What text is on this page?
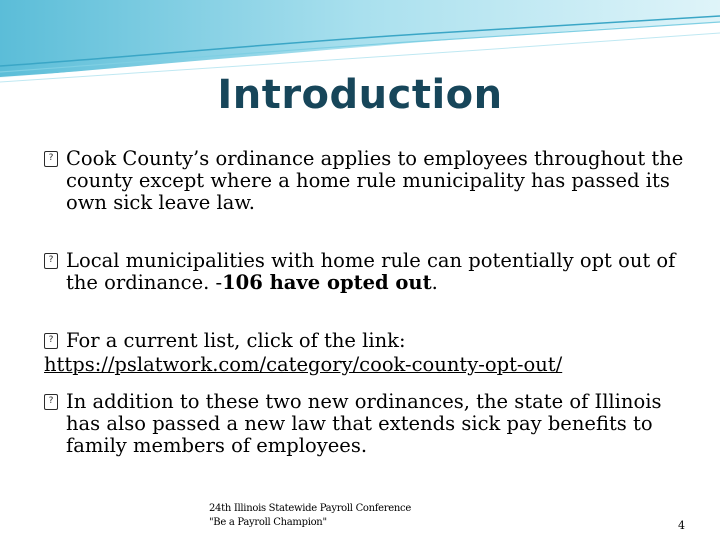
Introduction
? Cook County’s ordinance applies to employees throughout the county except where a home rule municipality has passed its own sick leave law.
? Local municipalities with home rule can potentially opt out of the ordinance. -106 have opted out.
? For a current list, click of the link:
https://pslatwork.com/category/cook-county-opt-out/
? In addition to these two new ordinances, the state of Illinois has also passed a new law that extends sick pay benefits to family members of employees.
24th Illinois Statewide Payroll Conference
"Be a Payroll Champion"	4
